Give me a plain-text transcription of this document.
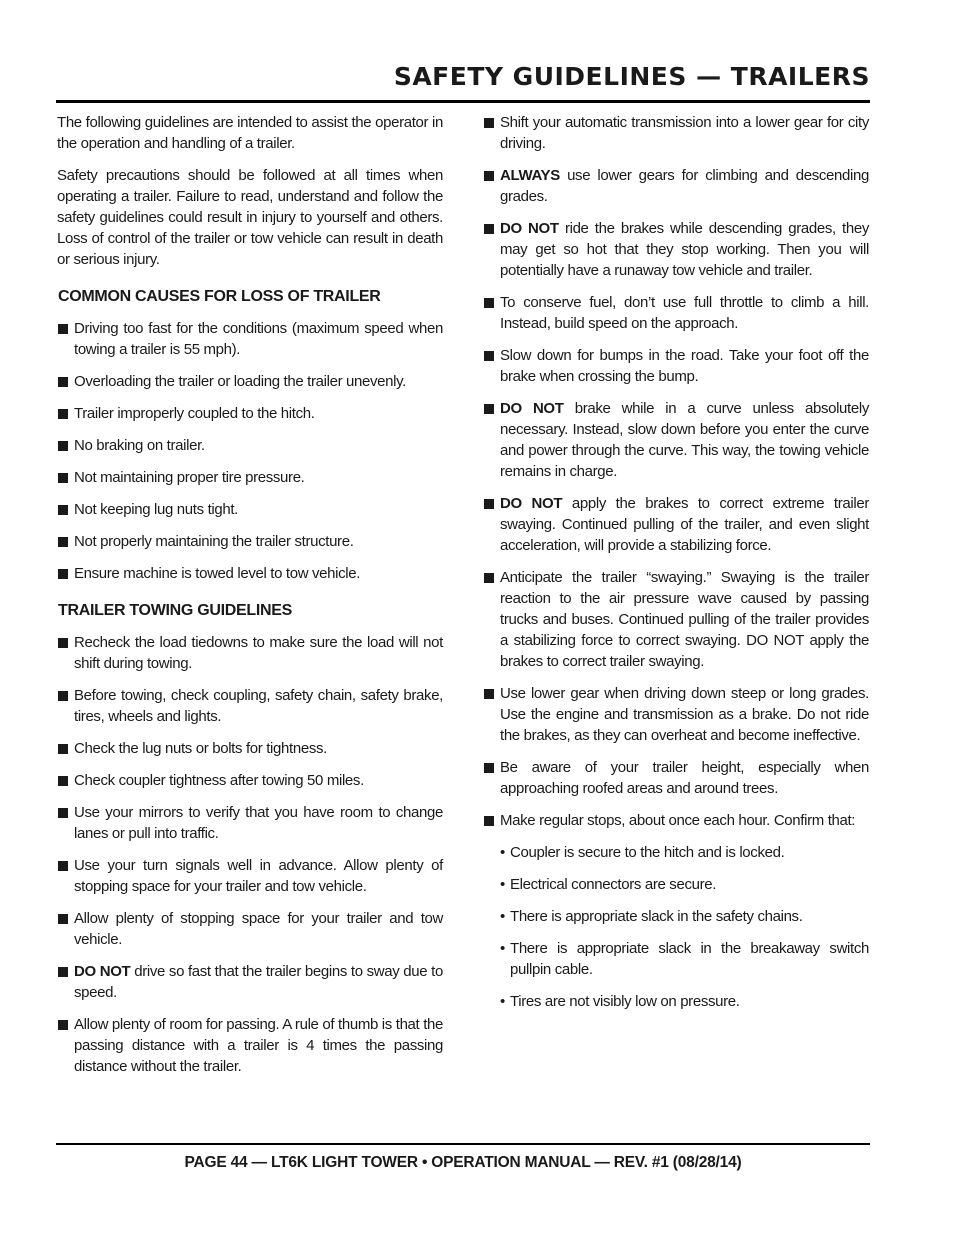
SAFETY GUIDELINES — TRAILERS

The following guidelines are intended to assist the operator in the operation and handling of a trailer.

Safety precautions should be followed at all times when operating a trailer. Failure to read, understand and follow the safety guidelines could result in injury to yourself and others. Loss of control of the trailer or tow vehicle can result in death or serious injury.

COMMON CAUSES FOR LOSS OF TRAILER
Driving too fast for the conditions (maximum speed when towing a trailer is 55 mph).
Overloading the trailer or loading the trailer unevenly.
Trailer improperly coupled to the hitch.
No braking on trailer.
Not maintaining proper tire pressure.
Not keeping lug nuts tight.
Not properly maintaining the trailer structure.
Ensure machine is towed level to tow vehicle.
TRAILER TOWING GUIDELINES
Recheck the load tiedowns to make sure the load will not shift during towing.
Before towing, check coupling, safety chain, safety brake, tires, wheels and lights.
Check the lug nuts or bolts for tightness.
Check coupler tightness after towing 50 miles.
Use your mirrors to verify that you have room to change lanes or pull into traffic.
Use your turn signals well in advance. Allow plenty of stopping space for your trailer and tow vehicle.
Allow plenty of stopping space for your trailer and tow vehicle.
DO NOT drive so fast that the trailer begins to sway due to speed.
Allow plenty of room for passing. A rule of thumb is that the passing distance with a trailer is 4 times the passing distance without the trailer.
Shift your automatic transmission into a lower gear for city driving.
ALWAYS use lower gears for climbing and descending grades.
DO NOT ride the brakes while descending grades, they may get so hot that they stop working. Then you will potentially have a runaway tow vehicle and trailer.
To conserve fuel, don’t use full throttle to climb a hill. Instead, build speed on the approach.
Slow down for bumps in the road. Take your foot off the brake when crossing the bump.
DO NOT brake while in a curve unless absolutely necessary. Instead, slow down before you enter the curve and power through the curve. This way, the towing vehicle remains in charge.
DO NOT apply the brakes to correct extreme trailer swaying. Continued pulling of the trailer, and even slight acceleration, will provide a stabilizing force.
Anticipate the trailer “swaying.” Swaying is the trailer reaction to the air pressure wave caused by passing trucks and buses. Continued pulling of the trailer provides a stabilizing force to correct swaying. DO NOT apply the brakes to correct trailer swaying.
Use lower gear when driving down steep or long grades. Use the engine and transmission as a brake. Do not ride the brakes, as they can overheat and become ineffective.
Be aware of your trailer height, especially when approaching roofed areas and around trees.
Make regular stops, about once each hour. Confirm that:
• Coupler is secure to the hitch and is locked.
• Electrical connectors are secure.
• There is appropriate slack in the safety chains.
• There is appropriate slack in the breakaway switch pullpin cable.
• Tires are not visibly low on pressure.
PAGE 44 — LT6K LIGHT TOWER • OPERATION MANUAL — REV. #1 (08/28/14)
